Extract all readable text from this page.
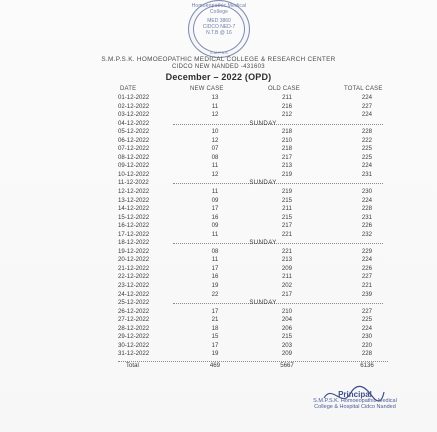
Homoeopathic Medical College
MED 3860
CIDCO NED-7
N.T.B @ 16
S.M.P.S.K
S.M.P.S.K. HOMOEOPATHIC MEDICAL COLLEGE & RESEARCH CENTER
CIDCO NEW NANDED -431603
December – 2022 (OPD)
DATE	NEW CASE	OLD CASE	TOTAL CASE
01-12-2022	13	211	224
02-12-2022	11	216	227
03-12-2022	12	212	224
04-12-2022	SUNDAY
05-12-2022	10	218	228
06-12-2022	12	210	222
07-12-2022	07	218	225
08-12-2022	08	217	225
09-12-2022	11	213	224
10-12-2022	12	219	231
11-12-2022	SUNDAY
12-12-2022	11	219	230
13-12-2022	09	215	224
14-12-2022	17	211	228
15-12-2022	16	215	231
16-12-2022	09	217	226
17-12-2022	11	221	232
18-12-2022	SUNDAY
19-12-2022	08	221	229
20-12-2022	11	213	224
21-12-2022	17	209	226
22-12-2022	16	211	227
23-12-2022	19	202	221
24-12-2022	22	217	239
25-12-2022	SUNDAY
26-12-2022	17	210	227
27-12-2022	21	204	225
28-12-2022	18	206	224
29-12-2022	15	215	230
30-12-2022	17	203	220
31-12-2022	19	209	228
Total	469	5667	6136
Principal
S.M.P.S.K. Homoeopathic Medical
College & Hospital Cidco Nanded
